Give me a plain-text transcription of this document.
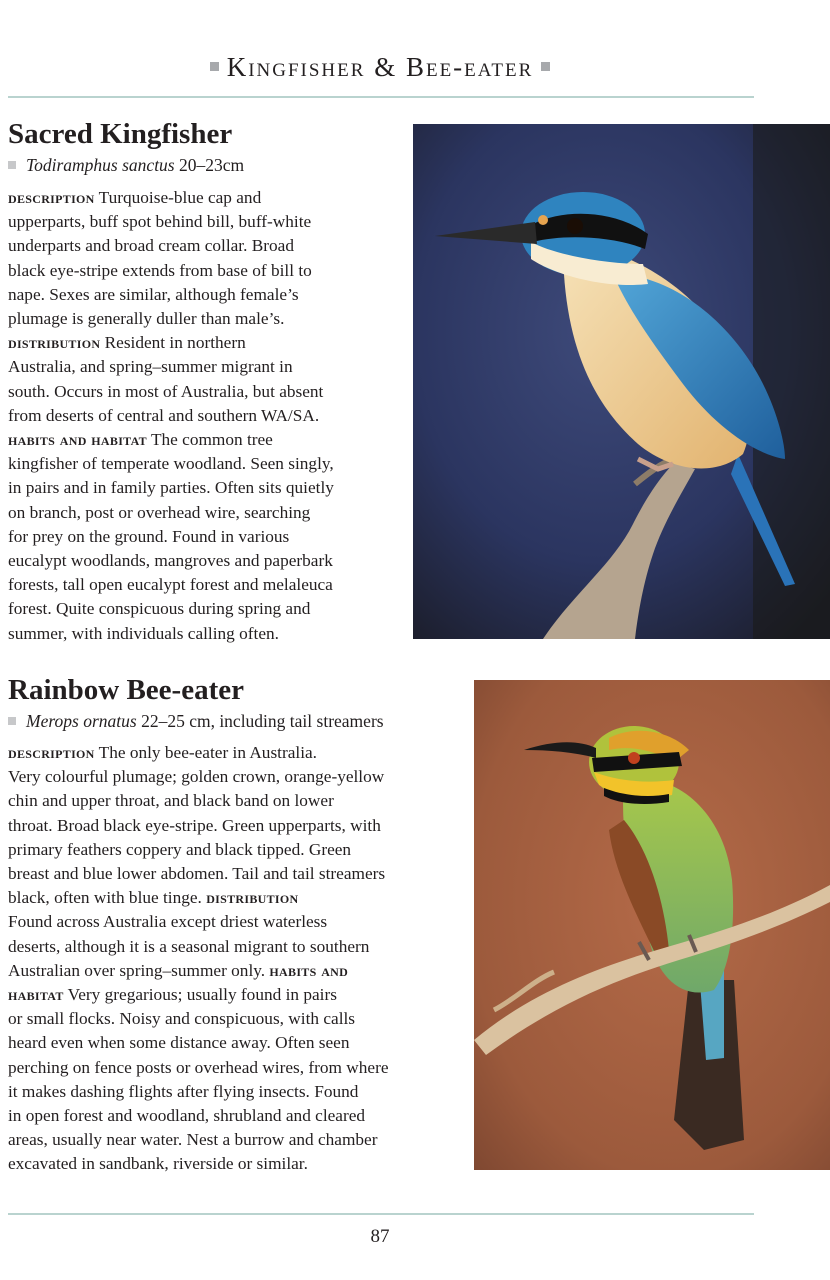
Kingfisher & Bee-eater
Sacred Kingfisher

Todiramphus sanctus 20–23cm

description Turquoise-blue cap and
upperparts, buff spot behind bill, buff-white
underparts and broad cream collar. Broad
black eye-stripe extends from base of bill to
nape. Sexes are similar, although female’s
plumage is generally duller than male’s.
distribution Resident in northern
Australia, and spring–summer migrant in
south. Occurs in most of Australia, but absent
from deserts of central and southern WA/SA.
habits and habitat The common tree
kingfisher of temperate woodland. Seen singly,
in pairs and in family parties. Often sits quietly
on branch, post or overhead wire, searching
for prey on the ground. Found in various
eucalypt woodlands, mangroves and paperbark
forests, tall open eucalypt forest and melaleuca
forest. Quite conspicuous during spring and
summer, with individuals calling often.

Rainbow Bee-eater

Merops ornatus 22–25 cm, including tail streamers

description The only bee-eater in Australia.
Very colourful plumage; golden crown, orange-yellow
chin and upper throat, and black band on lower
throat. Broad black eye-stripe. Green upperparts, with
primary feathers coppery and black tipped. Green
breast and blue lower abdomen. Tail and tail streamers
black, often with blue tinge. distribution
Found across Australia except driest waterless
deserts, although it is a seasonal migrant to southern
Australian over spring–summer only. habits and
habitat Very gregarious; usually found in pairs
or small flocks. Noisy and conspicuous, with calls
heard even when some distance away. Often seen
perching on fence posts or overhead wires, from where
it makes dashing flights after flying insects. Found
in open forest and woodland, shrubland and cleared
areas, usually near water. Nest a burrow and chamber
excavated in sandbank, riverside or similar.

87
